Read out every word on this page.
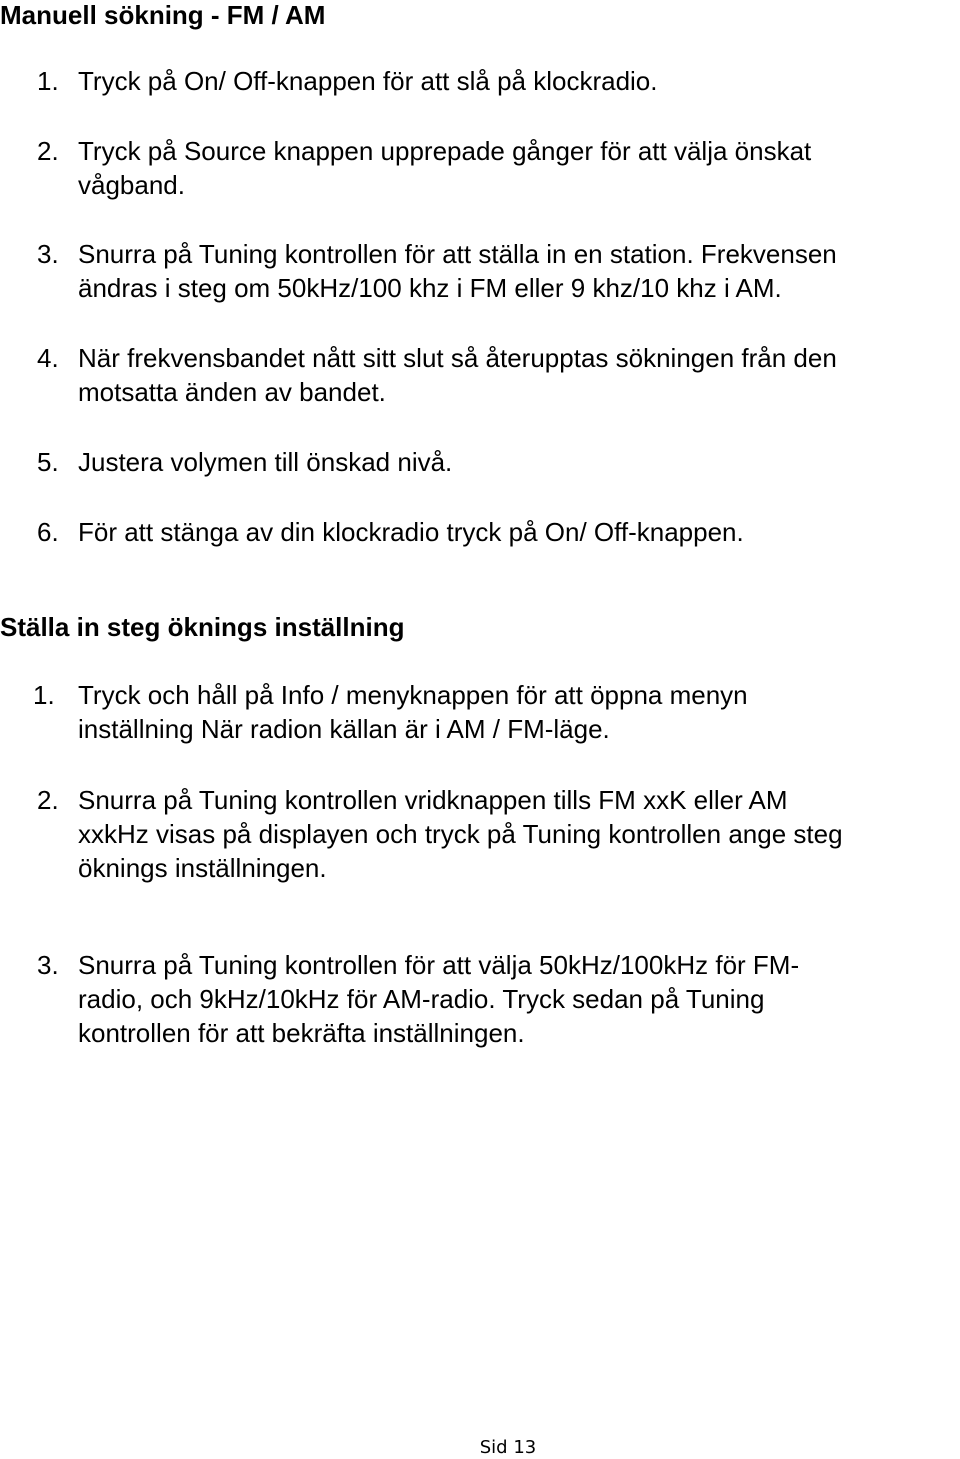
Manuell sökning - FM / AM
1. Tryck på On/ Off-knappen för att slå på klockradio.
2. Tryck på Source knappen upprepade gånger för att välja önskat
vågband.
3. Snurra på Tuning kontrollen för att ställa in en station. Frekvensen
ändras i steg om 50kHz/100 khz i FM eller 9 khz/10 khz i AM.
4. När frekvensbandet nått sitt slut så återupptas sökningen från den
motsatta änden av bandet.
5. Justera volymen till önskad nivå.
6. För att stänga av din klockradio tryck på On/ Off-knappen.
Ställa in steg öknings inställning
1. Tryck och håll på Info / menyknappen för att öppna menyn
inställning När radion källan är i AM / FM-läge.
2. Snurra på Tuning kontrollen vridknappen tills FM xxK eller AM
xxkHz visas på displayen och tryck på Tuning kontrollen ange steg
öknings inställningen.
3. Snurra på Tuning kontrollen för att välja 50kHz/100kHz för FM-
radio, och 9kHz/10kHz för AM-radio. Tryck sedan på Tuning
kontrollen för att bekräfta inställningen.
Sid 13
